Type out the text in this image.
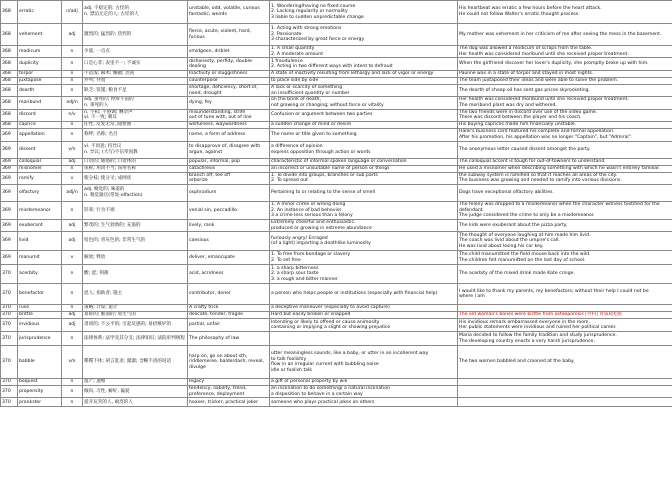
368	erratic	n/adj	adj. 不稳定的; 古怪的
n. 漂泊无定的人; 古怪的人	unstable, odd, volatile, curious
fantastic, weirds	1. Wondering/having no fixed course
2. Lacking regularity or normality
3 liable to sudden unpredictable change	His heartbeat was erratic a few hours before the heart attack.
He could not follow Walter's erratic thought process.
368	vehement	adj	激烈的; 猛烈的; 热烈的	fierce, acute, violent, hard, furious	1. Acting with strong emotions
2. Passionate
3 characterized by great force or energy	My mother was vehement in her criticism of me after seeing the mess in the basement.
368	modicum	n	少量, 一点点	smidgeon, driblet	1. A small quantity
2. A moderate amount	The dog was allowed a modicum of scraps from the table.
Her health was considered moribund until she received proper treatment.
368	duplicity	n	口是心非; 表里不一; 不诚实	dishonesty, perfidy, double-dealing	1 fraudulence
2. Acting in two different ways with intent to defraud	When the girlfriend discover her lover's duplicity, she promptly broke up with him.
368	torpor	n	不活泼; 麻木; 懒散; 迟钝	Inactivity or sluggishness	A state of inactivity resulting from lethargy and lack of vigor or energy	Pauline was in a state of torpor and stayed in most nights.
368	juxtapose	n	并列; 并置	counterpose	to place side by side	The team juxtaposed their ideas and were able to solve the problem.
368	dearth	n	缺乏; 饥馑; 粮食不足	shortage, deficiency, short of, need, drought	A lack or scarcity of something
an insufficient quantity or number	The dearth of cheap oil has sent gas prices skyrocketing.
368	moribund	adj/n	adj. 垂死的; 停滞不前的
n. 垂死的人	dying, fey	on the brink of death,
not growing or changing; without force or vitality	Her health was considered moribund until she received proper treatment.
The moribund plant was dry and withered.
368	discord	n/v	n. 不和; 不协调; 嘈杂声
vi. 不一致; 刺耳	misunderstanding, strife
out of tune with, out of line	Confusion or argument between two parties	The two friends were in discord over use of the video game.
There was discord between the player and his coach.
368	caprice	n	任性, 反复无常, 随想曲	willfulness, waywardness	a sudden change of mind or desire	His buying caprices made him financially unstable.
369	appellation	n	称呼; 名称; 名目	name, a form of address	The name or title given to something	Hank's business card featured his complete and formal appellation.
After his promotion, his appellation was no longer "Captain", but "Admiral".
369	dissent	v/n	vi. 不同意; 持异议
n. 异议; (大写)不信奉国教	to disapprove of, disagree with
argue, against	a difference of opinion
express opposition through action or words	The anonymous letter caused dissent amongst the party.
369	colloquial	adj	口语的; 通俗的; 口语体的	popular, informal, pop	characteristic of informal spoken language or conversation	The colloquial accent is tough for out-of-towners to understand.
369	misnomer	n	误称; 用词不当; 误用名称	catachresis	an incorrect or unsuitable name of person or things	He used a misnomer when describing something with which he wasn't entirely familiar.
369	ramify	v	使分枝; 使分叉; 成网状	branch off, tee off
arborize	1. To divide into groups, branches or sub parts
2. To spread out	the subway system is ramified so that it reaches all areas of the city.
The business was growing and needed to ramify into various divisions.
369	olfactory	adj/n	adj. 嗅觉的; 味道的
n. 嗅觉器官(常复-olfaction)	osphradium	Pertaining to or relating to the sense of smell	Dogs have exceptional olfactory abilities.
369	misdemeanor	n	轻罪; 行为不端	venial sin, peccadillo	1. A minor crime or wrong doing
2. An instance of bad behavior
3 a crime less serious than a felony	The felony was dropped to a misdemeanor when the character witness testified for the defendant.
The judge considered the crime to only be a misdemeanor.
369	exuberant	adj	繁茂的; 生气勃勃的; 充溢的	lively, rank	Extremely cheerful and enthusiastic.
produced or growing in extreme abundance	The kids were exuberant about the pizza party.
369	livid	adj	铅色的; 青灰色的; 非常生气的	caesious	furiously angry/ Enraged
(of a light) imparting a deathlike luminosity	The thought of everyone laughing at him made him livid.
The coach was livid about the umpire's call.
He was livid about losing his car key.
369	manumit	v	解放; 释放	deliver, emancipate	1. To free from bondage or slavery
2. To set free	The child manumitted the field mouse back into the wild.
The children felt manumitted on the last day of school.
370	acerbity	n	酸; 涩; 刻薄	acid, acridness	1. a sharp bitterness
2. a sharp sour taste
3. a rough and bitter manner	The acerbity of the mixed drink made Kate cringe.
370	benefactor	n	恩人; 捐助者; 施主	contributor, doner	a person who helps people or institutions (especially with financial help)	I would like to thank my parents, my benefactors; without their help I could not be
where I am
370	ruse	n	策略; 计谋; 诡计	A crafty trick	a deceptive maneuver (especially to avoid capture)	
370	brittle	adj	易碎的; 脆弱的; 易生气的	delicate, tender, fragile	Hard but easily broken or snapped	The old woman's bones were brittle from osteoporosis [外科] 骨质疏松症
370	invidious	adj	诽谤的; 不公平的; 引起反感的; 易招嫉妒的	partial, unfair	Intending or likely to offend or cause animosity
containing or implying a slight or showing prejudice	His invidious remark embarrassed everyone in the room.
Her public statements were invidious and ruined her political career.
370	jurisprudence	n	法律体系; 法学及其分支; 法律知识; 法院审判规程	The philosophy of law		Maria decided to follow the family tradition and study jurisprudence.
The developing country enacts a very harsh jurisprudence.
370	babble	v/n	喋喋不休; 胡言乱语; 潺潺; 含糊不清的说话	harp on, go on about sth, riddlemeree, balderdash, reveal, divulge	utter meaningless sounds, like a baby, or utter in an incoherent way
to talk foolishly
flow in an irregular current with bubbling noise
idle or foolish talk	The two women babbled and crooned at the baby.
370	bequest	n	遗产; 遗赠	legacy	a gift of personal property by will	
370	propensity	n	倾向, 习性, 癖好, 偏爱	tendency, liability, trend, preference, deployment	an inclination to do something/ a natural inclination
a disposition to behave in a certain way	
370	prankster	n	爱开玩笑的人, 顽皮的人	hoaxer, tricker, practical joker	someone who plays practical jokes on others	
